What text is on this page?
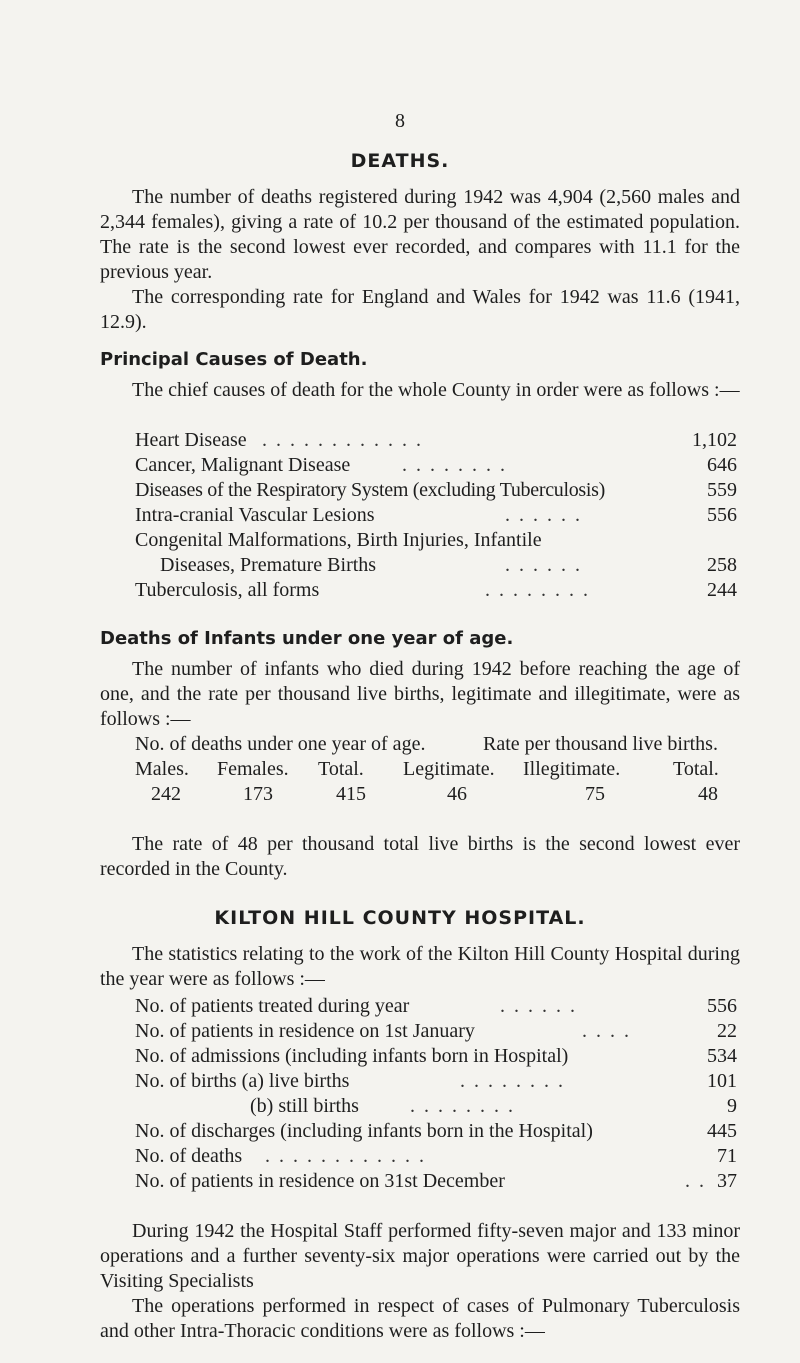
8
DEATHS.
The number of deaths registered during 1942 was 4,904 (2,560 males and 2,344 females), giving a rate of 10.2 per thousand of the estimated population. The rate is the second lowest ever recorded, and compares with 11.1 for the previous year.
The corresponding rate for England and Wales for 1942 was 11.6 (1941, 12.9).
Principal Causes of Death.
The chief causes of death for the whole County in order were as follows :—
Heart Disease . . . . . . . . . . . .	1,102
Cancer, Malignant Disease	. . . . . . . .	646
Diseases of the Respiratory System (excluding Tuberculosis)	559
Intra-cranial Vascular Lesions	. . . . . .	556
Congenital Malformations, Birth Injuries, Infantile
Diseases, Premature Births	. . . . . .	258
Tuberculosis, all forms	. . . . . . . .	244
Deaths of Infants under one year of age.
The number of infants who died during 1942 before reaching the age of one, and the rate per thousand live births, legitimate and illegitimate, were as follows :—
No. of deaths under one year of age.	Rate per thousand live births.
Males. Females. Total. Legitimate. Illegitimate.	Total.
242	173	415	46	75	48
The rate of 48 per thousand total live births is the second lowest ever recorded in the County.
KILTON HILL COUNTY HOSPITAL.
The statistics relating to the work of the Kilton Hill County Hospital during the year were as follows :—
No. of patients treated during year	. . . . . .	556
No. of patients in residence on 1st January	. . . .	22
No. of admissions (including infants born in Hospital)	534
No. of births (a) live births	. . . . . . . .	101
(b) still births	. . . . . . . .	9
No. of discharges (including infants born in the Hospital)	445
No. of deaths . . . . . . . . . . . .	71
No. of patients in residence on 31st December	. . 37
During 1942 the Hospital Staff performed fifty-seven major and 133 minor operations and a further seventy-six major operations were carried out by the Visiting Specialists
The operations performed in respect of cases of Pulmonary Tuberculosis and other Intra-Thoracic conditions were as follows :—
